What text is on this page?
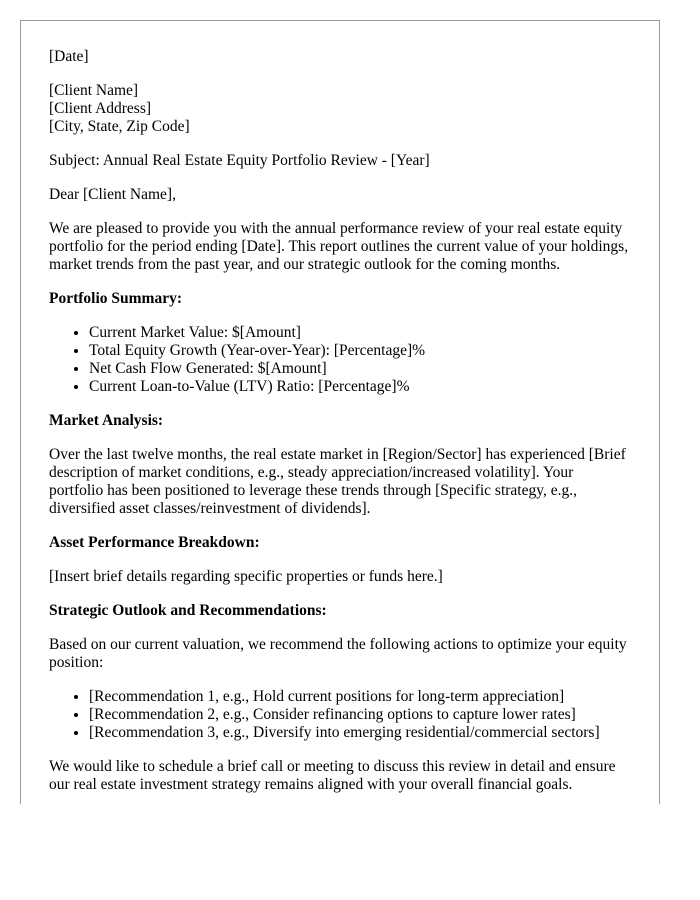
[Date]

[Client Name]
[Client Address]
[City, State, Zip Code]

Subject: Annual Real Estate Equity Portfolio Review - [Year]

Dear [Client Name],

We are pleased to provide you with the annual performance review of your real estate equity portfolio for the period ending [Date]. This report outlines the current value of your holdings, market trends from the past year, and our strategic outlook for the coming months.

Portfolio Summary:

• Current Market Value: $[Amount]
• Total Equity Growth (Year-over-Year): [Percentage]%
• Net Cash Flow Generated: $[Amount]
• Current Loan-to-Value (LTV) Ratio: [Percentage]%

Market Analysis:

Over the last twelve months, the real estate market in [Region/Sector] has experienced [Brief description of market conditions, e.g., steady appreciation/increased volatility]. Your portfolio has been positioned to leverage these trends through [Specific strategy, e.g., diversified asset classes/reinvestment of dividends].

Asset Performance Breakdown:

[Insert brief details regarding specific properties or funds here.]

Strategic Outlook and Recommendations:

Based on our current valuation, we recommend the following actions to optimize your equity position:

• [Recommendation 1, e.g., Hold current positions for long-term appreciation]
• [Recommendation 2, e.g., Consider refinancing options to capture lower rates]
• [Recommendation 3, e.g., Diversify into emerging residential/commercial sectors]

We would like to schedule a brief call or meeting to discuss this review in detail and ensure our real estate investment strategy remains aligned with your overall financial goals.
